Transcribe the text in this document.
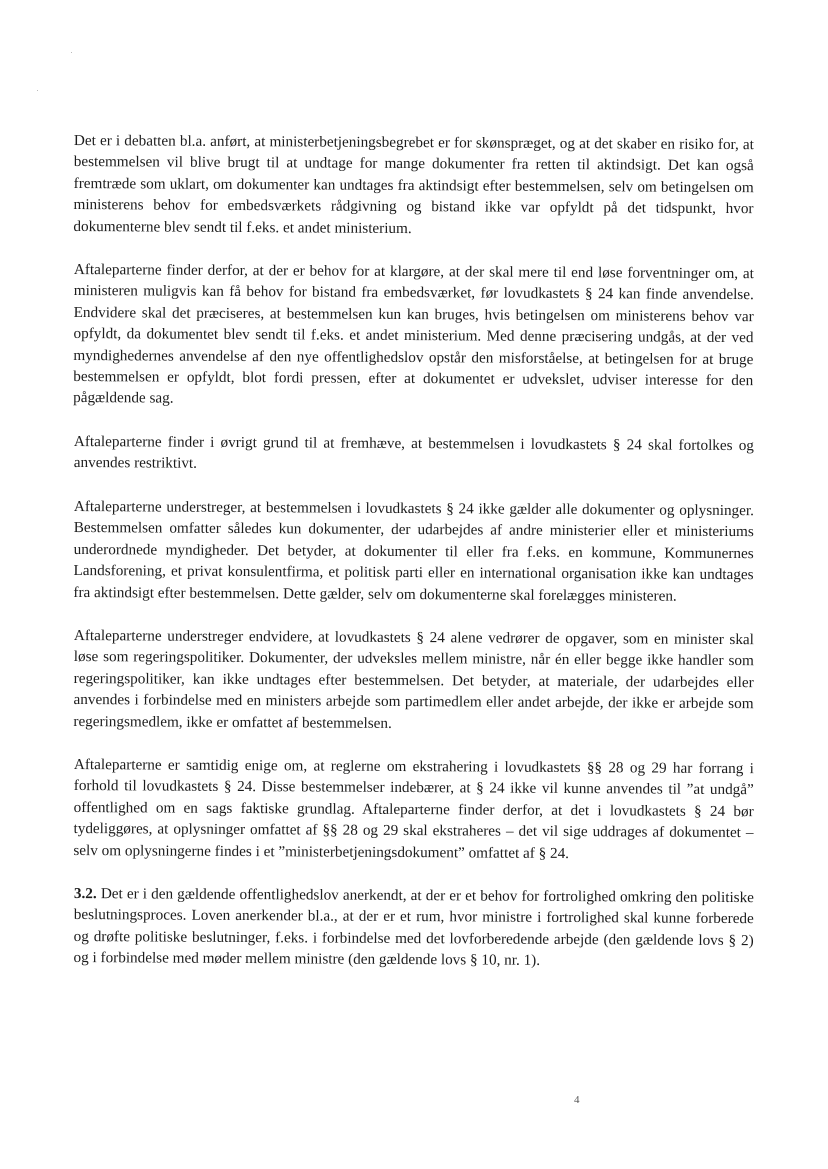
Det er i debatten bl.a. anført, at ministerbetjeningsbegrebet er for skønspræget, og at det skaber en risiko for, at bestemmelsen vil blive brugt til at undtage for mange dokumenter fra retten til aktindsigt. Det kan også fremtræde som uklart, om dokumenter kan undtages fra aktindsigt efter bestemmelsen, selv om betingelsen om ministerens behov for embedsværkets rådgivning og bistand ikke var opfyldt på det tidspunkt, hvor dokumenterne blev sendt til f.eks. et andet ministerium.

Aftaleparterne finder derfor, at der er behov for at klargøre, at der skal mere til end løse forventninger om, at ministeren muligvis kan få behov for bistand fra embedsværket, før lovudkastets § 24 kan finde anvendelse. Endvidere skal det præciseres, at bestemmelsen kun kan bruges, hvis betingelsen om ministerens behov var opfyldt, da dokumentet blev sendt til f.eks. et andet ministerium. Med denne præcisering undgås, at der ved myndighedernes anvendelse af den nye offentlighedslov opstår den misforståelse, at betingelsen for at bruge bestemmelsen er opfyldt, blot fordi pressen, efter at dokumentet er udvekslet, udviser interesse for den pågældende sag.

Aftaleparterne finder i øvrigt grund til at fremhæve, at bestemmelsen i lovudkastets § 24 skal fortolkes og anvendes restriktivt.

Aftaleparterne understreger, at bestemmelsen i lovudkastets § 24 ikke gælder alle dokumenter og oplysninger. Bestemmelsen omfatter således kun dokumenter, der udarbejdes af andre ministerier eller et ministeriums underordnede myndigheder. Det betyder, at dokumenter til eller fra f.eks. en kommune, Kommunernes Landsforening, et privat konsulentfirma, et politisk parti eller en international organisation ikke kan undtages fra aktindsigt efter bestemmelsen. Dette gælder, selv om dokumenterne skal forelægges ministeren.

Aftaleparterne understreger endvidere, at lovudkastets § 24 alene vedrører de opgaver, som en minister skal løse som regeringspolitiker. Dokumenter, der udveksles mellem ministre, når én eller begge ikke handler som regeringspolitiker, kan ikke undtages efter bestemmelsen. Det betyder, at materiale, der udarbejdes eller anvendes i forbindelse med en ministers arbejde som partimedlem eller andet arbejde, der ikke er arbejde som regeringsmedlem, ikke er omfattet af bestemmelsen.

Aftaleparterne er samtidig enige om, at reglerne om ekstrahering i lovudkastets §§ 28 og 29 har forrang i forhold til lovudkastets § 24. Disse bestemmelser indebærer, at § 24 ikke vil kunne anvendes til ”at undgå” offentlighed om en sags faktiske grundlag. Aftaleparterne finder derfor, at det i lovudkastets § 24 bør tydeliggøres, at oplysninger omfattet af §§ 28 og 29 skal ekstraheres – det vil sige uddrages af dokumentet – selv om oplysningerne findes i et ”ministerbetjeningsdokument” omfattet af § 24.

3.2. Det er i den gældende offentlighedslov anerkendt, at der er et behov for fortrolighed omkring den politiske beslutningsproces. Loven anerkender bl.a., at der er et rum, hvor ministre i fortrolighed skal kunne forberede og drøfte politiske beslutninger, f.eks. i forbindelse med det lovforberedende arbejde (den gældende lovs § 2) og i forbindelse med møder mellem ministre (den gældende lovs § 10, nr. 1).

4
